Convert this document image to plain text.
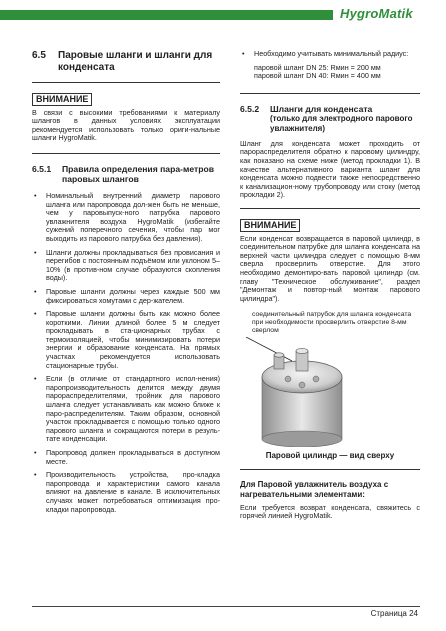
HygroMatik
6.5	Паровые шланги и шланги для конденсата
ВНИМАНИЕ

В связи с высокими требованиями к материалу шлангов в данных условиях эксплуатации рекомендуется использовать только ориги-нальные шланги HygroMatik.

6.5.1	Правила определения пара-метров паровых шлангов
• Номинальный внутренний диаметр парового шланга или паропровода дол-жен быть не меньше, чем у паровыпуск-ного патрубка парового увлажнителя воздуха HygroMatik (избегайте сужений поперечного сечения, чтобы пар мог выходить из парового патрубка без давления).
• Шланги должны прокладываться без провисания и перегибов с постоянным подъёмом или уклоном 5–10% (в против-ном случае образуются скопления воды).
• Паровые шланги должны через каждые 500 мм фиксироваться хомутами с дер-жателем.
• Паровые шланги должны быть как можно более короткими. Линии длиной более 5 м следует прокладывать в ста-ционарных трубах с термоизоляцией, чтобы минимизировать потери энергии и образование конденсата. На прямых участках рекомендуется использовать стационарные трубы.
• Если (в отличие от стандартного испол-нения) паропроизводительность делится между двумя парораспределителями, тройник для парового шланга следует устанавливать как можно ближе к паро-распределителям. Таким образом, основной участок прокладывается с помощью только одного парового шланга и сокращаются потери в резуль-тате конденсации.
• Паропровод должен прокладываться в доступном месте.
• Производительность устройства, про-кладка паропровода и характеристики самого канала влияют на давление в канале. В исключительных случаях может потребоваться оптимизация про-кладки паропровода.
• Необходимо учитывать минимальный радиус:
паровой шланг DN 25: Rмин = 200 мм
паровой шланг DN 40: Rмин = 400 мм
6.5.2	Шланги для конденсата
(только для электродного парового увлажнителя)

Шланг для конденсата может проходить от парораспределителя обратно к паровому цилиндру, как показано на схеме ниже (метод прокладки 1). В качестве альтернативного варианта шланг для конденсата можно подвести также непосредственно к канализацион-ному трубопроводу или стоку (метод прокладки 2).

ВНИМАНИЕ

Если конденсат возвращается в паровой цилиндр, в соединительном патрубке для шланга конденсата на верхней части цилиндра следует с помощью 8-мм сверла просверлить отверстие. Для этого необходимо демонтиро-вать паровой цилиндр (см. главу "Техническое обслуживание", раздел "Демонтаж и повтор-ный монтаж парового цилиндра").

соединительный патрубок для шланга конденсата при необходимости просверлить отверстие 8-мм сверлом
Паровой цилиндр — вид сверху
Для Паровой увлажнитель воздуха с нагревательными элементами:

Если требуется возврат конденсата, свяжитесь с горячей линией HygroMatik.

Страница 24
